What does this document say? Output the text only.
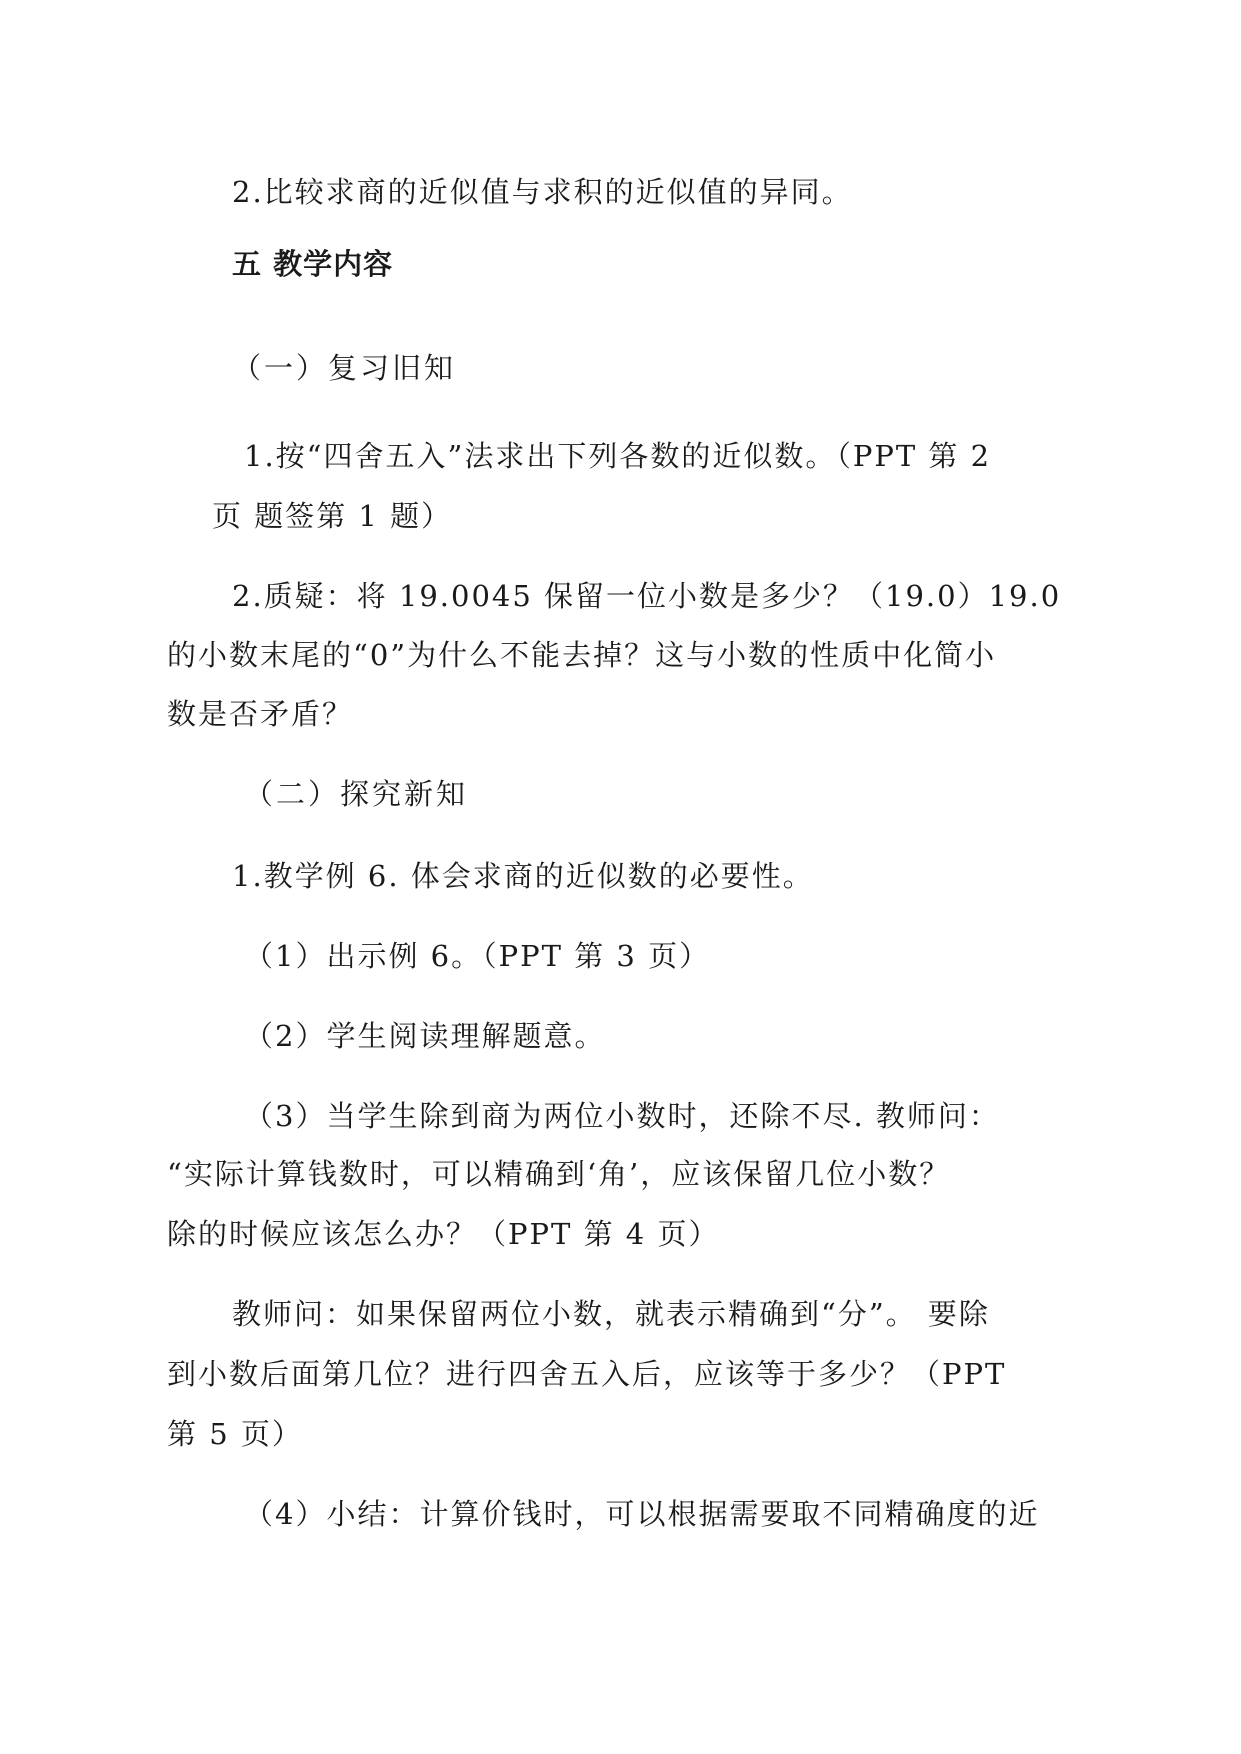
2.比较求商的近似值与求积的近似值的异同。
五 教学内容
（一）复习旧知
1.按“四舍五入”法求出下列各数的近似数。（PPT 第 2
页 题签第 1 题）
2.质疑：将 19.0045 保留一位小数是多少？（19.0）19.0
的小数末尾的“0”为什么不能去掉？这与小数的性质中化简小
数是否矛盾？
（二）探究新知
1.教学例 6. 体会求商的近似数的必要性。
（1）出示例 6。（PPT 第 3 页）
（2）学生阅读理解题意。
（3）当学生除到商为两位小数时，还除不尽. 教师问：
“实际计算钱数时，可以精确到‘角’，应该保留几位小数？
除的时候应该怎么办？（PPT 第 4 页）
教师问：如果保留两位小数，就表示精确到“分”。 要除
到小数后面第几位？进行四舍五入后，应该等于多少？（PPT
第 5 页）
（4）小结：计算价钱时，可以根据需要取不同精确度的近
